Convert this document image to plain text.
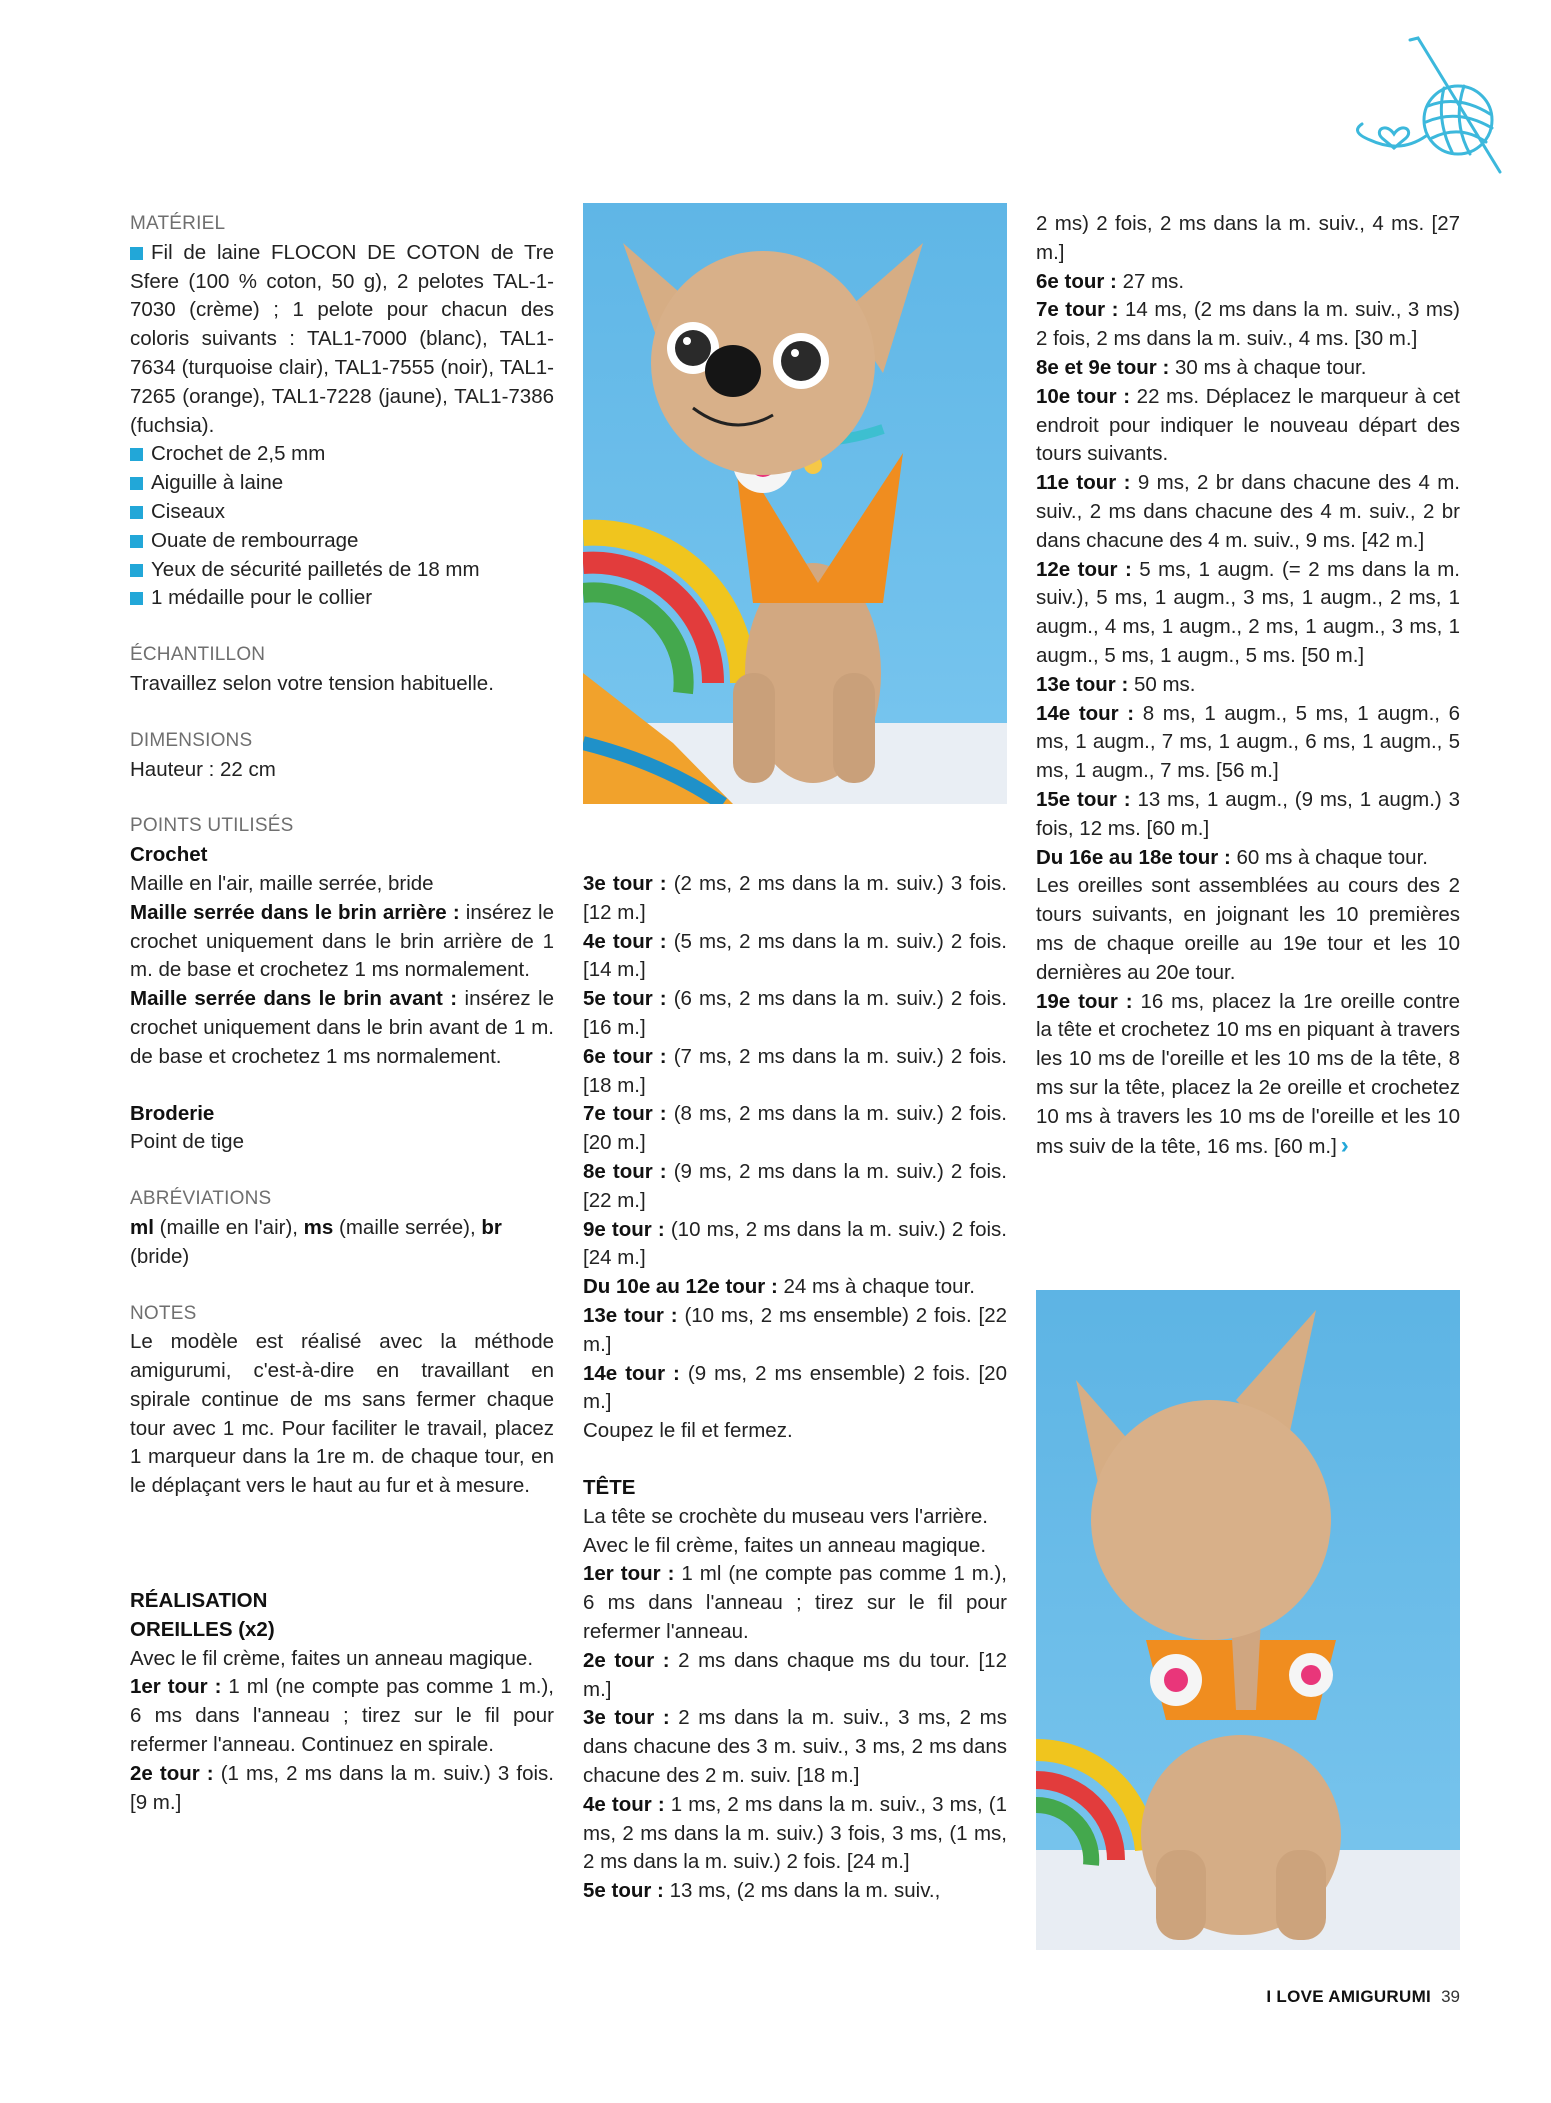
MATÉRIEL

Fil de laine FLOCON DE COTON de Tre Sfere (100 % coton, 50 g), 2 pelotes TAL-1-7030 (crème) ; 1 pelote pour chacun des coloris suivants : TAL1-7000 (blanc), TAL1-7634 (turquoise clair), TAL1-7555 (noir), TAL1-7265 (orange), TAL1-7228 (jaune), TAL1-7386 (fuchsia).

Crochet de 2,5 mm

Aiguille à laine

Ciseaux

Ouate de rembourrage

Yeux de sécurité pailletés de 18 mm

1 médaille pour le collier

ÉCHANTILLON

Travaillez selon votre tension habituelle.

DIMENSIONS

Hauteur : 22 cm

POINTS UTILISÉS

Crochet

Maille en l'air, maille serrée, bride

Maille serrée dans le brin arrière : insérez le crochet uniquement dans le brin arrière de 1 m. de base et crochetez 1 ms normalement.

Maille serrée dans le brin avant : insérez le crochet uniquement dans le brin avant de 1 m. de base et crochetez 1 ms normalement.

Broderie

Point de tige

ABRÉVIATIONS

ml (maille en l'air), ms (maille serrée), br (bride)

NOTES

Le modèle est réalisé avec la méthode amigurumi, c'est-à-dire en travaillant en spirale continue de ms sans fermer chaque tour avec 1 mc. Pour faciliter le travail, placez 1 marqueur dans la 1re m. de chaque tour, en le déplaçant vers le haut au fur et à mesure.

RÉALISATION

OREILLES (x2)

Avec le fil crème, faites un anneau magique.

1er tour : 1 ml (ne compte pas comme 1 m.), 6 ms dans l'anneau ; tirez sur le fil pour refermer l'anneau. Continuez en spirale.

2e tour : (1 ms, 2 ms dans la m. suiv.) 3 fois. [9 m.]

3e tour : (2 ms, 2 ms dans la m. suiv.) 3 fois. [12 m.]

4e tour : (5 ms, 2 ms dans la m. suiv.) 2 fois. [14 m.]

5e tour : (6 ms, 2 ms dans la m. suiv.) 2 fois. [16 m.]

6e tour : (7 ms, 2 ms dans la m. suiv.) 2 fois. [18 m.]

7e tour : (8 ms, 2 ms dans la m. suiv.) 2 fois. [20 m.]

8e tour : (9 ms, 2 ms dans la m. suiv.) 2 fois. [22 m.]

9e tour : (10 ms, 2 ms dans la m. suiv.) 2 fois. [24 m.]

Du 10e au 12e tour : 24 ms à chaque tour.

13e tour : (10 ms, 2 ms ensemble) 2 fois. [22 m.]

14e tour : (9 ms, 2 ms ensemble) 2 fois. [20 m.]

Coupez le fil et fermez.

TÊTE

La tête se crochète du museau vers l'arrière.

Avec le fil crème, faites un anneau magique.

1er tour : 1 ml (ne compte pas comme 1 m.), 6 ms dans l'anneau ; tirez sur le fil pour refermer l'anneau.

2e tour : 2 ms dans chaque ms du tour. [12 m.]

3e tour : 2 ms dans la m. suiv., 3 ms, 2 ms dans chacune des 3 m. suiv., 3 ms, 2 ms dans chacune des 2 m. suiv. [18 m.]

4e tour : 1 ms, 2 ms dans la m. suiv., 3 ms, (1 ms, 2 ms dans la m. suiv.) 3 fois, 3 ms, (1 ms, 2 ms dans la m. suiv.) 2 fois. [24 m.]

5e tour : 13 ms, (2 ms dans la m. suiv.,

2 ms) 2 fois, 2 ms dans la m. suiv., 4 ms. [27 m.]

6e tour : 27 ms.

7e tour : 14 ms, (2 ms dans la m. suiv., 3 ms) 2 fois, 2 ms dans la m. suiv., 4 ms. [30 m.]

8e et 9e tour : 30 ms à chaque tour.

10e tour : 22 ms. Déplacez le marqueur à cet endroit pour indiquer le nouveau départ des tours suivants.

11e tour : 9 ms, 2 br dans chacune des 4 m. suiv., 2 ms dans chacune des 4 m. suiv., 2 br dans chacune des 4 m. suiv., 9 ms. [42 m.]

12e tour : 5 ms, 1 augm. (= 2 ms dans la m. suiv.), 5 ms, 1 augm., 3 ms, 1 augm., 2 ms, 1 augm., 4 ms, 1 augm., 2 ms, 1 augm., 3 ms, 1 augm., 5 ms, 1 augm., 5 ms. [50 m.]

13e tour : 50 ms.

14e tour : 8 ms, 1 augm., 5 ms, 1 augm., 6 ms, 1 augm., 7 ms, 1 augm., 6 ms, 1 augm., 5 ms, 1 augm., 7 ms. [56 m.]

15e tour : 13 ms, 1 augm., (9 ms, 1 augm.) 3 fois, 12 ms. [60 m.]

Du 16e au 18e tour : 60 ms à chaque tour.

Les oreilles sont assemblées au cours des 2 tours suivants, en joignant les 10 premières ms de chaque oreille au 19e tour et les 10 dernières au 20e tour.

19e tour : 16 ms, placez la 1re oreille contre la tête et crochetez 10 ms en piquant à travers les 10 ms de l'oreille et les 10 ms de la tête, 8 ms sur la tête, placez la 2e oreille et crochetez 10 ms à travers les 10 ms de l'oreille et les 10 ms suiv de la tête, 16 ms. [60 m.] ›

I LOVE AMIGURUMI 39
